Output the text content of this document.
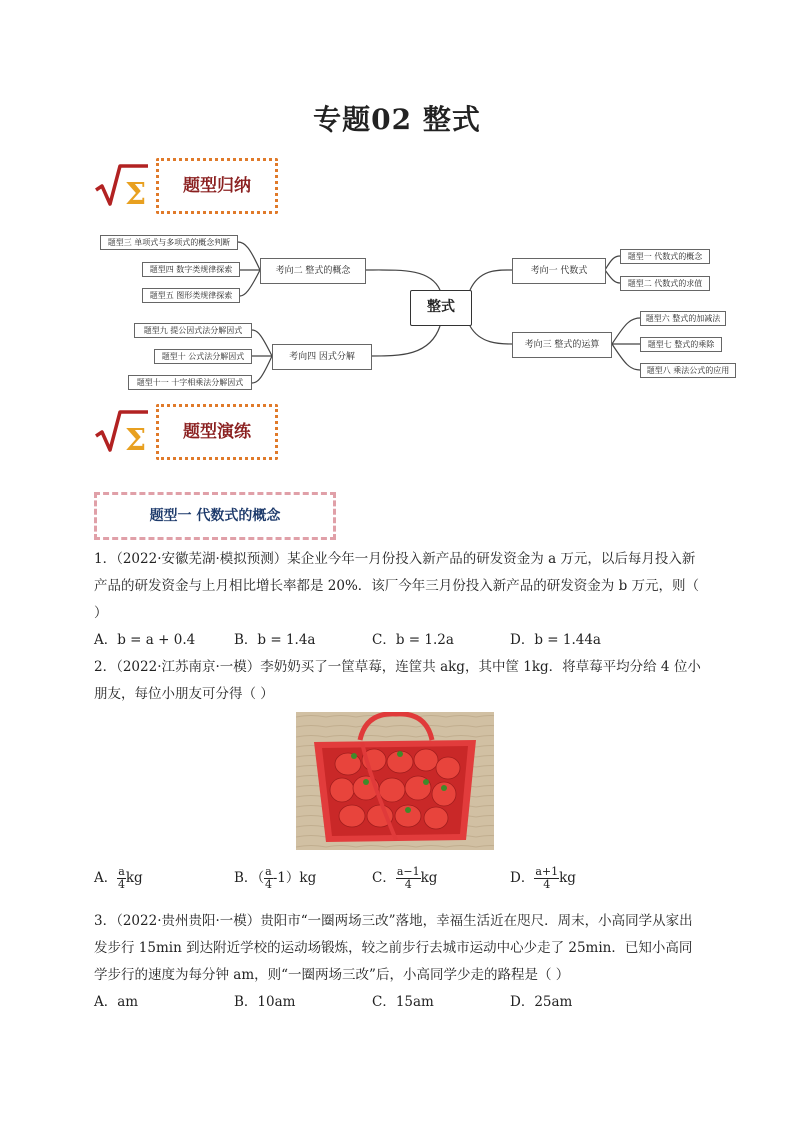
专题02 整式
Σ	题型归纳
整式
考向二 整式的概念	考向一 代数式
考向四 因式分解
考向三 整式的运算
题型三 单项式与多项式的概念判断
题型四 数字类规律探索
题型五 图形类规律探索
题型一 代数式的概念
题型二 代数式的求值
题型九 提公因式法分解因式
题型十 公式法分解因式
题型十一 十字相乘法分解因式
题型六 整式的加减法
题型七 整式的乘除
题型八 乘法公式的应用
Σ	题型演练
题型一 代数式的概念
1．（2022·安徽芜湖·模拟预测）某企业今年一月份投入新产品的研发资金为 a 万元，以后每月投入新产品的研发资金与上月相比增长率都是 20%．该厂今年三月份投入新产品的研发资金为 b 万元，则（ ）
A．b = a + 0.4	B．b = 1.4a	C．b = 1.2a	D．b = 1.44a
2．（2022·江苏南京·一模）李奶奶买了一筐草莓，连筐共 akg，其中筐 1kg．将草莓平均分给 4 位小朋友，每位小朋友可分得（ ）
A． $\frac{a}{4}$ kg	B．（ $\frac{a}{4} -1)kg$	C． $\frac{a-1}{4}$ kg	D． $\frac{a+1}{4}$ kg
3．（2022·贵州贵阳·一模）贵阳市“一圈两场三改”落地，幸福生活近在咫尺．周末，小高同学从家出发步行 15min 到达附近学校的运动场锻炼，较之前步行去城市运动中心少走了 25min．已知小高同学步行的速度为每分钟 am，则“一圈两场三改”后，小高同学少走的路程是（ ）
A．am	B．10am	C．15am	D．25am
